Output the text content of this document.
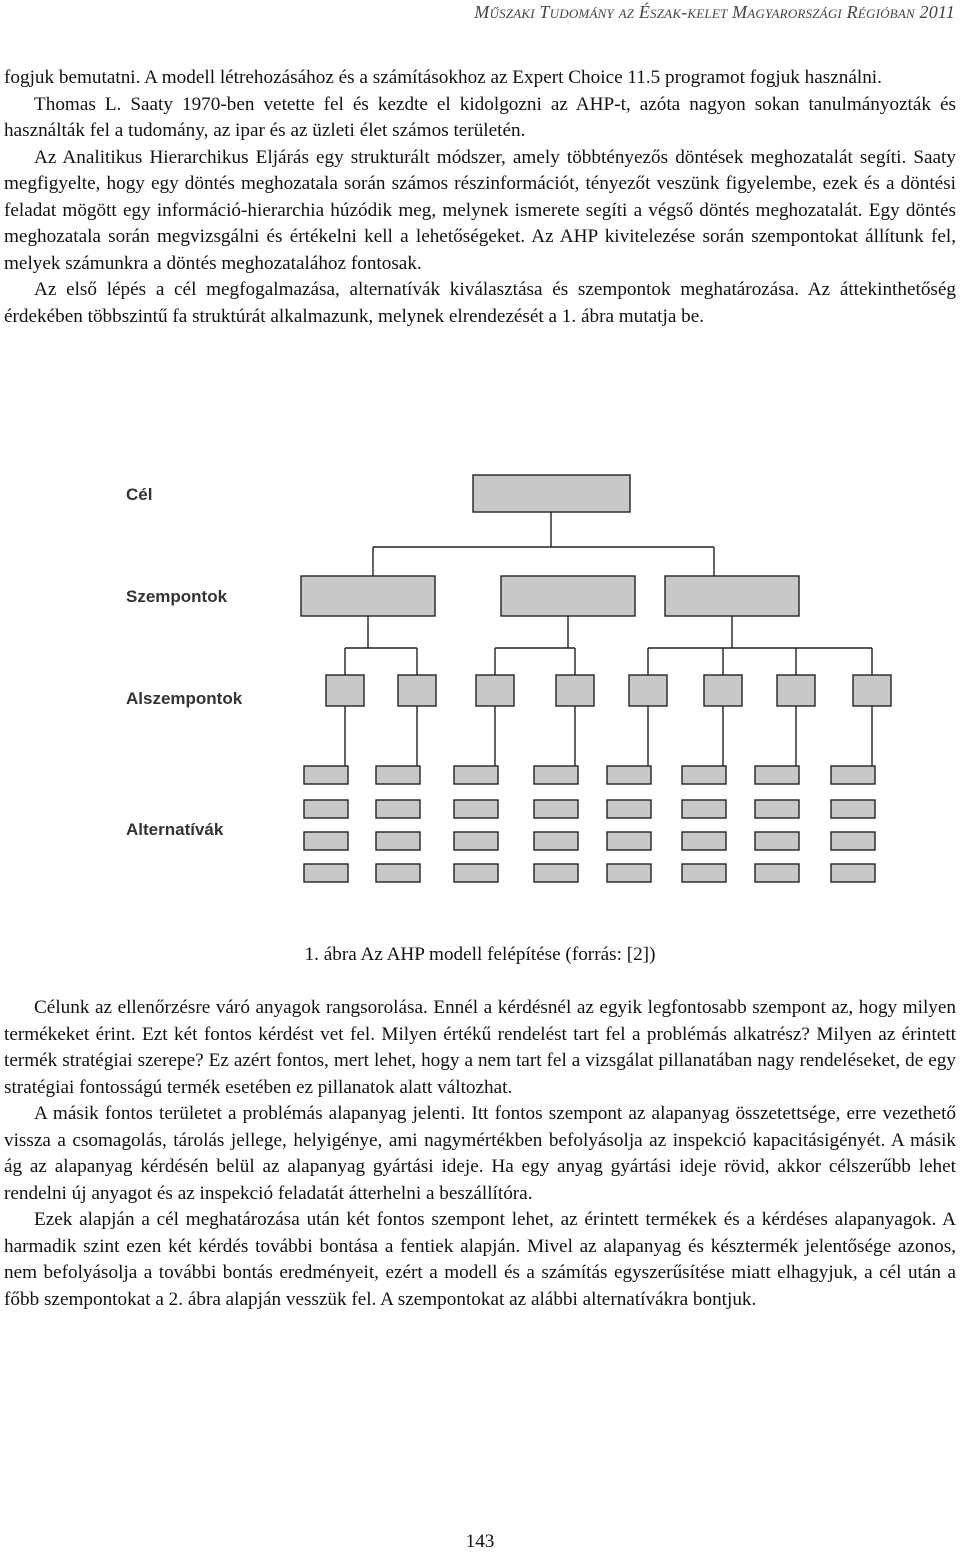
Műszaki Tudomány az Észak-kelet Magyarországi Régióban 2011

fogjuk bemutatni. A modell létrehozásához és a számításokhoz az Expert Choice 11.5 programot fogjuk használni.

Thomas L. Saaty 1970-ben vetette fel és kezdte el kidolgozni az AHP-t, azóta nagyon sokan tanulmányozták és használták fel a tudomány, az ipar és az üzleti élet számos területén.

Az Analitikus Hierarchikus Eljárás egy strukturált módszer, amely többtényezős döntések meghozatalát segíti. Saaty megfigyelte, hogy egy döntés meghozatala során számos részinformációt, tényezőt veszünk figyelembe, ezek és a döntési feladat mögött egy információ-hierarchia húzódik meg, melynek ismerete segíti a végső döntés meghozatalát. Egy döntés meghozatala során megvizsgálni és értékelni kell a lehetőségeket. Az AHP kivitelezése során szempontokat állítunk fel, melyek számunkra a döntés meghozatalához fontosak.

Az első lépés a cél megfogalmazása, alternatívák kiválasztása és szempontok meghatározása. Az áttekinthetőség érdekében többszintű fa struktúrát alkalmazunk, melynek elrendezését a 1. ábra mutatja be.

Cél
Szempontok
Alszempontok
Alternatívák
1. ábra Az AHP modell felépítése (forrás: [2])

Célunk az ellenőrzésre váró anyagok rangsorolása. Ennél a kérdésnél az egyik legfontosabb szempont az, hogy milyen termékeket érint. Ezt két fontos kérdést vet fel. Milyen értékű rendelést tart fel a problémás alkatrész? Milyen az érintett termék stratégiai szerepe? Ez azért fontos, mert lehet, hogy a nem tart fel a vizsgálat pillanatában nagy rendeléseket, de egy stratégiai fontosságú termék esetében ez pillanatok alatt változhat.

A másik fontos területet a problémás alapanyag jelenti. Itt fontos szempont az alapanyag összetettsége, erre vezethető vissza a csomagolás, tárolás jellege, helyigénye, ami nagymértékben befolyásolja az inspekció kapacitásigényét. A másik ág az alapanyag kérdésén belül az alapanyag gyártási ideje. Ha egy anyag gyártási ideje rövid, akkor célszerűbb lehet rendelni új anyagot és az inspekció feladatát átterhelni a beszállítóra.

Ezek alapján a cél meghatározása után két fontos szempont lehet, az érintett termékek és a kérdéses alapanyagok. A harmadik szint ezen két kérdés további bontása a fentiek alapján. Mivel az alapanyag és késztermék jelentősége azonos, nem befolyásolja a további bontás eredményeit, ezért a modell és a számítás egyszerűsítése miatt elhagyjuk, a cél után a főbb szempontokat a 2. ábra alapján vesszük fel. A szempontokat az alábbi alternatívákra bontjuk.

143
